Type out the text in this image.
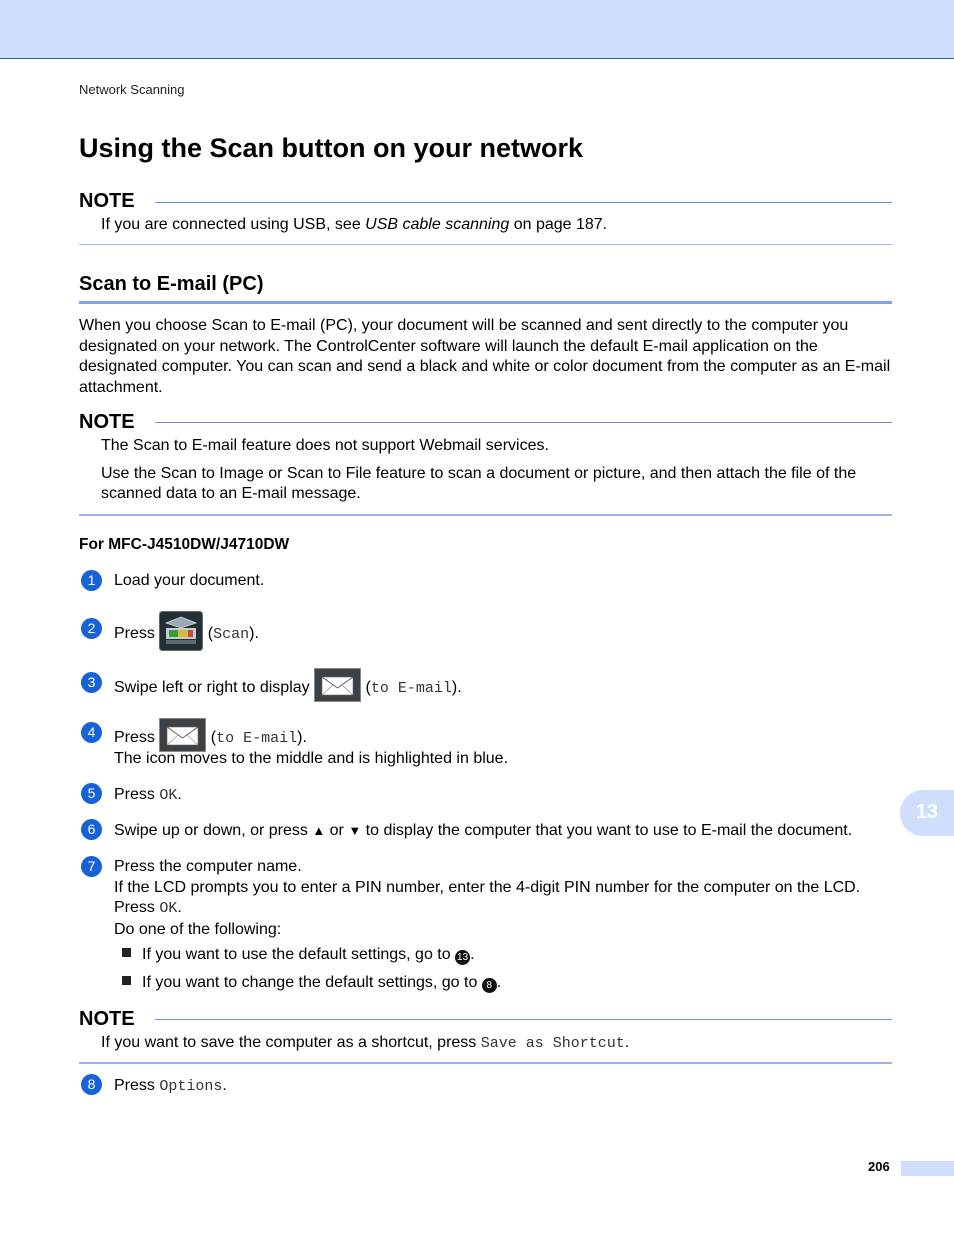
Network Scanning
Using the Scan button on your network
NOTE
If you are connected using USB, see USB cable scanning on page 187.
Scan to E-mail (PC)
When you choose Scan to E-mail (PC), your document will be scanned and sent directly to the computer you designated on your network. The ControlCenter software will launch the default E-mail application on the designated computer. You can scan and send a black and white or color document from the computer as an E-mail attachment.
NOTE
The Scan to E-mail feature does not support Webmail services.
Use the Scan to Image or Scan to File feature to scan a document or picture, and then attach the file of the scanned data to an E-mail message.
For MFC-J4510DW/J4710DW
1	Load your document.
2	Press	(Scan).
3	Swipe left or right to display	(to E-mail).
4	Press	(to E-mail).
The icon moves to the middle and is highlighted in blue.
5	Press OK.
6	Swipe up or down, or press ▲ or ▼ to display the computer that you want to use to E-mail the document.
7	Press the computer name.
If the LCD prompts you to enter a PIN number, enter the 4-digit PIN number for the computer on the LCD.
Press OK.
Do one of the following:
If you want to use the default settings, go to 13 .
If you want to change the default settings, go to 8 .
NOTE
If you want to save the computer as a shortcut, press Save as Shortcut.
8	Press Options.
13
206
